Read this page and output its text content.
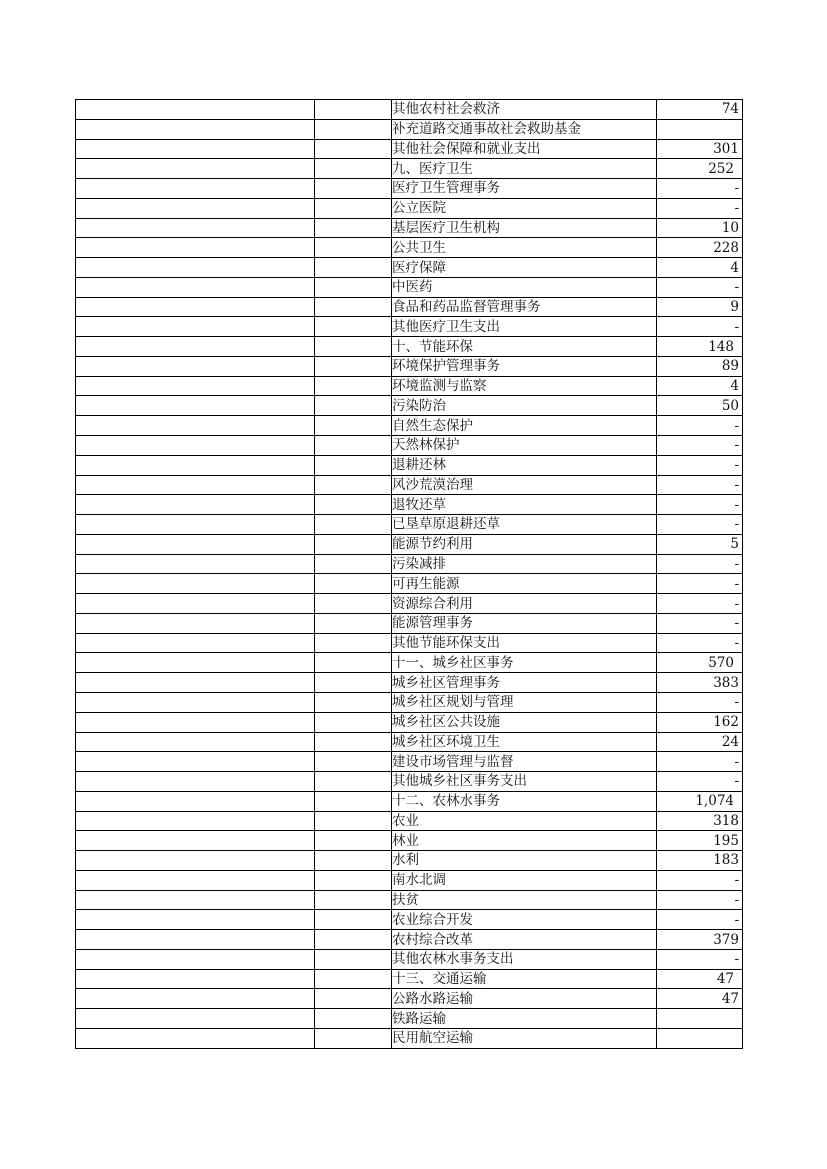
		其他农村社会救济	74
		补充道路交通事故社会救助基金	
		其他社会保障和就业支出	301
		九、医疗卫生	252
		医疗卫生管理事务	-
		公立医院	-
		基层医疗卫生机构	10
		公共卫生	228
		医疗保障	4
		中医药	-
		食品和药品监督管理事务	9
		其他医疗卫生支出	-
		十、节能环保	148
		环境保护管理事务	89
		环境监测与监察	4
		污染防治	50
		自然生态保护	-
		天然林保护	-
		退耕还林	-
		风沙荒漠治理	-
		退牧还草	-
		已垦草原退耕还草	-
		能源节约利用	5
		污染减排	-
		可再生能源	-
		资源综合利用	-
		能源管理事务	-
		其他节能环保支出	-
		十一、城乡社区事务	570
		城乡社区管理事务	383
		城乡社区规划与管理	-
		城乡社区公共设施	162
		城乡社区环境卫生	24
		建设市场管理与监督	-
		其他城乡社区事务支出	-
		十二、农林水事务	1,074
		农业	318
		林业	195
		水利	183
		南水北调	-
		扶贫	-
		农业综合开发	-
		农村综合改革	379
		其他农林水事务支出	-
		十三、交通运输	47
		公路水路运输	47
		铁路运输	
		民用航空运输	
